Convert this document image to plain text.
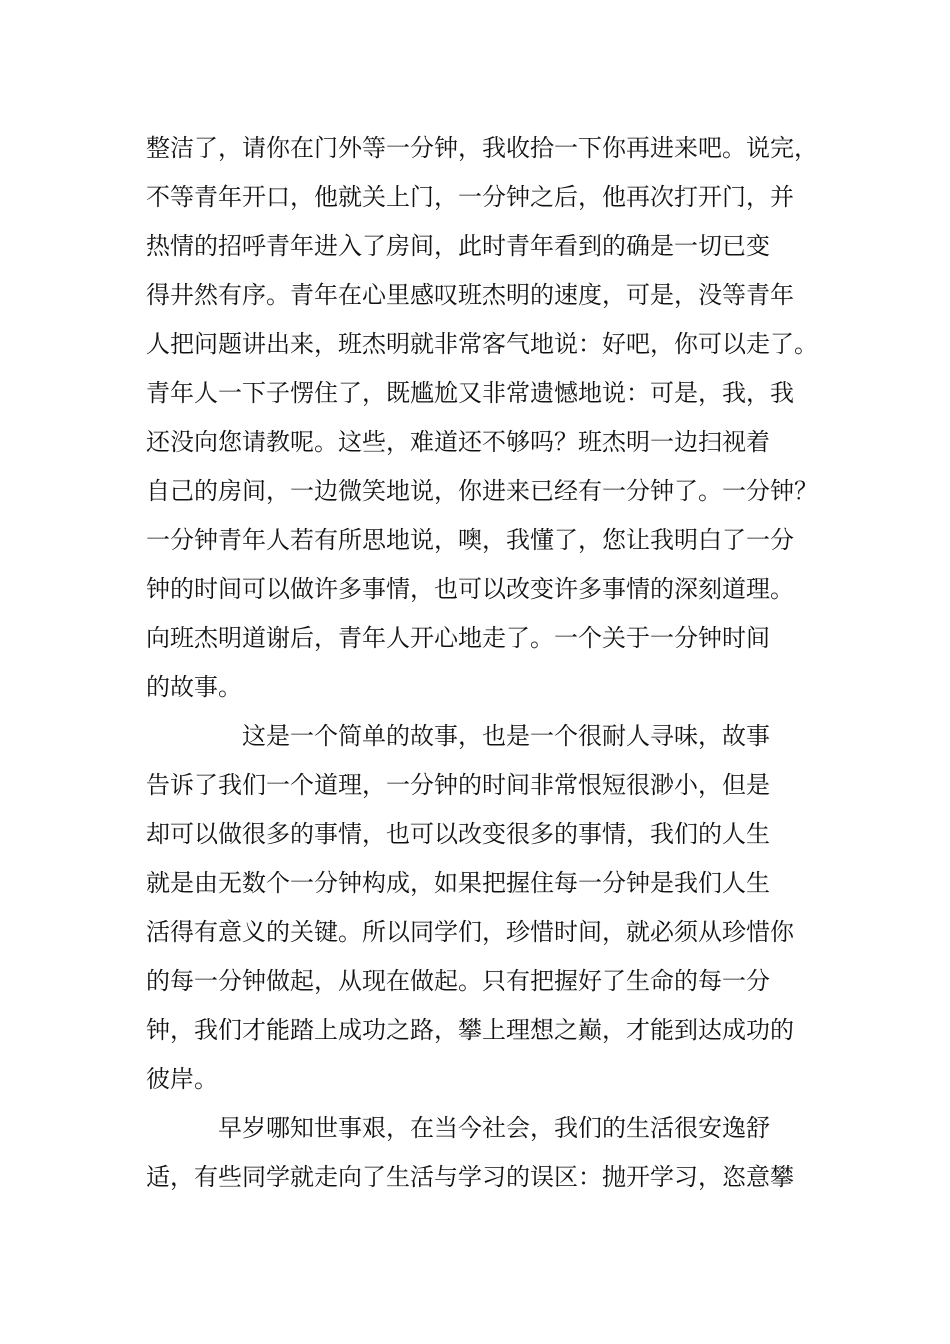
整洁了，请你在门外等一分钟，我收拾一下你再进来吧。说完，
不等青年开口，他就关上门，一分钟之后，他再次打开门，并
热情的招呼青年进入了房间，此时青年看到的确是一切已变
得井然有序。青年在心里感叹班杰明的速度，可是，没等青年
人把问题讲出来，班杰明就非常客气地说：好吧，你可以走了。
青年人一下子愣住了，既尴尬又非常遗憾地说：可是，我，我
还没向您请教呢。这些，难道还不够吗？班杰明一边扫视着
自己的房间，一边微笑地说，你进来已经有一分钟了。一分钟？
一分钟青年人若有所思地说，噢，我懂了，您让我明白了一分
钟的时间可以做许多事情，也可以改变许多事情的深刻道理。
向班杰明道谢后，青年人开心地走了。一个关于一分钟时间
的故事。
这是一个简单的故事，也是一个很耐人寻味，故事
告诉了我们一个道理，一分钟的时间非常恨短很渺小，但是
却可以做很多的事情，也可以改变很多的事情，我们的人生
就是由无数个一分钟构成，如果把握住每一分钟是我们人生
活得有意义的关键。所以同学们，珍惜时间，就必须从珍惜你
的每一分钟做起，从现在做起。只有把握好了生命的每一分
钟，我们才能踏上成功之路，攀上理想之巅，才能到达成功的
彼岸。
早岁哪知世事艰，在当今社会，我们的生活很安逸舒
适，有些同学就走向了生活与学习的误区：抛开学习，恣意攀
